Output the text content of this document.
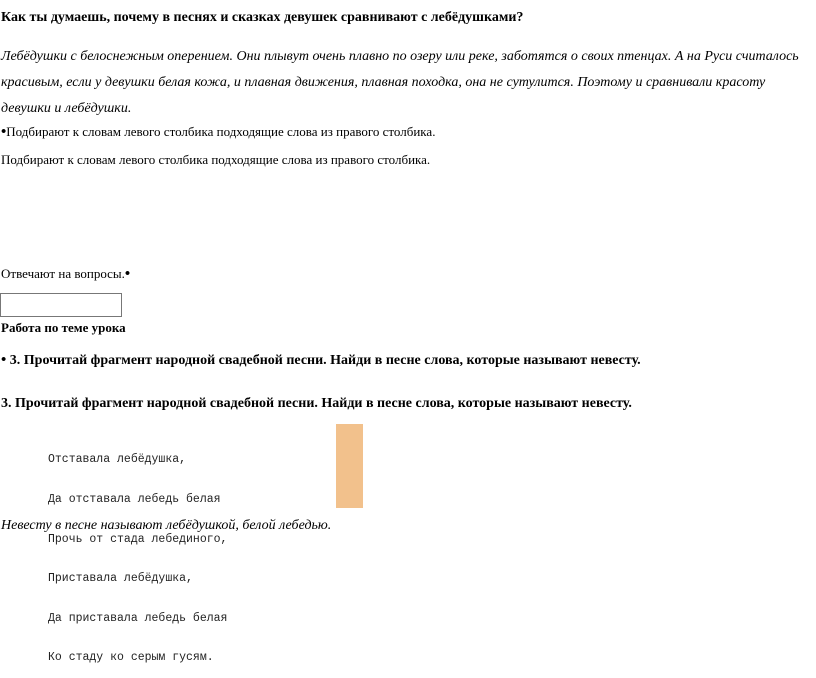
Как ты думаешь, почему в песнях и сказках девушек сравнивают с лебёдушками?

Лебёдушки с белоснежным оперением. Они плывут очень плавно по озеру или реке, заботятся о своих птенцах. А на Руси считалось красивым, если у девушки белая кожа, и плавная движения, плавная походка, она не сутулится. Поэтому и сравнивали красоту девушки и лебёдушки.

•Подбирают к словам левого столбика подходящие слова из правого столбика.

Подбирают к словам левого столбика подходящие слова из правого столбика.

Отвечают на вопросы.•

Работа по теме урока

• 3. Прочитай фрагмент народной свадебной песни. Найди в песне слова, которые называют невесту.

3. Прочитай фрагмент народной свадебной песни. Найди в песне слова, которые называют невесту.

Отставала лебёдушка,

Да отставала лебедь белая

Прочь от стада лебединого,

Приставала лебёдушка,

Да приставала лебедь белая

Ко стаду ко серым гусям.

Невесту в песне называют лебёдушкой, белой лебедью.
